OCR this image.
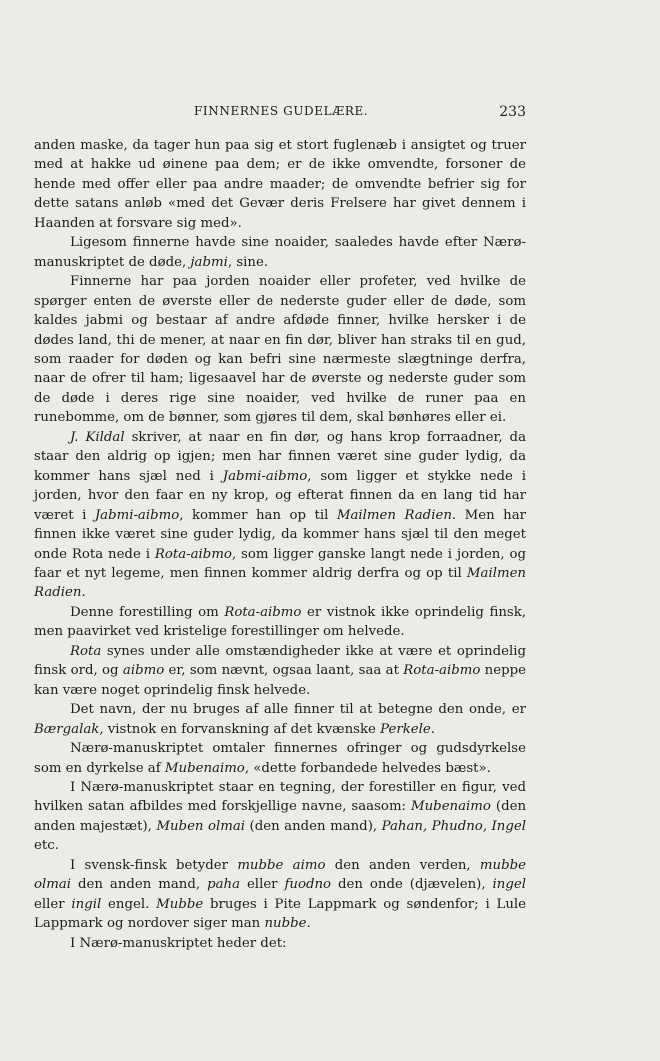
FINNERNES GUDELÆRE.	233

anden maske, da tager hun paa sig et stort fuglenæb i ansigtet og truer med at hakke ud øinene paa dem; er de ikke omvendte, forsoner de hende med offer eller paa andre maader; de omvendte befrier sig for dette satans anløb «med det Gevær deris Frelsere har givet dennem i Haanden at forsvare sig med».

Ligesom finnerne havde sine noaider, saaledes havde efter Nærø-manuskriptet de døde, jabmi, sine.

Finnerne har paa jorden noaider eller profeter, ved hvilke de spørger enten de øverste eller de nederste guder eller de døde, som kaldes jabmi og bestaar af andre afdøde finner, hvilke hersker i de dødes land, thi de mener, at naar en fin dør, bliver han straks til en gud, som raader for døden og kan befri sine nærmeste slægtninge derfra, naar de ofrer til ham; ligesaavel har de øverste og nederste guder som de døde i deres rige sine noaider, ved hvilke de runer paa en runebomme, om de bønner, som gjøres til dem, skal bønhøres eller ei.

J. Kildal skriver, at naar en fin dør, og hans krop forraadner, da staar den aldrig op igjen; men har finnen været sine guder lydig, da kommer hans sjæl ned i Jabmi-aibmo, som ligger et stykke nede i jorden, hvor den faar en ny krop, og efterat finnen da en lang tid har været i Jabmi-aibmo, kommer han op til Mailmen Radien. Men har finnen ikke været sine guder lydig, da kommer hans sjæl til den meget onde Rota nede i Rota-aibmo, som ligger ganske langt nede i jorden, og faar et nyt legeme, men finnen kommer aldrig derfra og op til Mailmen Radien.

Denne forestilling om Rota-aibmo er vistnok ikke oprindelig finsk, men paavirket ved kristelige forestillinger om helvede.

Rota synes under alle omstændigheder ikke at være et oprindelig finsk ord, og aibmo er, som nævnt, ogsaa laant, saa at Rota-aibmo neppe kan være noget oprindelig finsk helvede.

Det navn, der nu bruges af alle finner til at betegne den onde, er Bærgalak, vistnok en forvanskning af det kvænske Perkele.

Nærø-manuskriptet omtaler finnernes ofringer og gudsdyrkelse som en dyrkelse af Mubenaimo, «dette forbandede helvedes bæst».

I Nærø-manuskriptet staar en tegning, der forestiller en figur, ved hvilken satan afbildes med forskjellige navne, saasom: Mubenaimo (den anden majestæt), Muben olmai (den anden mand), Pahan, Phudno, Ingel etc.

I svensk-finsk betyder mubbe aimo den anden verden, mubbe olmai den anden mand, paha eller fuodno den onde (djævelen), ingel eller ingil engel. Mubbe bruges i Pite Lappmark og søndenfor; i Lule Lappmark og nordover siger man nubbe.

I Nærø-manuskriptet heder det:
